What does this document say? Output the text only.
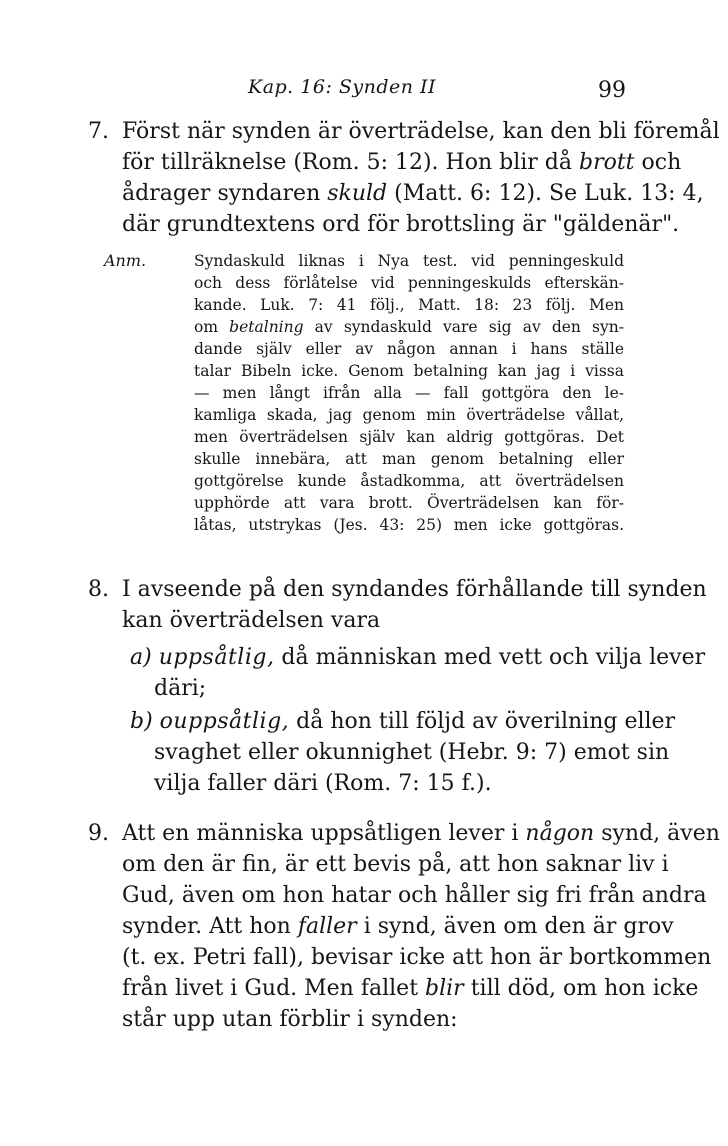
Kap. 16: Synden II	99
7. Först när synden är överträdelse, kan den bli föremål
för tillräknelse (Rom. 5: 12). Hon blir då brott och
ådrager syndaren skuld (Matt. 6: 12). Se Luk. 13: 4,
där grundtextens ord för brottsling är "gäldenär".
Anm.	Syndaskuld liknas i Nya test. vid penningeskuld
och dess förlåtelse vid penningeskulds efterskän-
kande. Luk. 7: 41 följ., Matt. 18: 23 följ. Men
om betalning av syndaskuld vare sig av den syn-
dande själv eller av någon annan i hans ställe
talar Bibeln icke. Genom betalning kan jag i vissa
— men långt ifrån alla — fall gottgöra den le-
kamliga skada, jag genom min överträdelse vållat,
men överträdelsen själv kan aldrig gottgöras. Det
skulle innebära, att man genom betalning eller
gottgörelse kunde åstadkomma, att överträdelsen
upphörde att vara brott. Överträdelsen kan för-
låtas, utstrykas (Jes. 43: 25) men icke gottgöras.
8. I avseende på den syndandes förhållande till synden
kan överträdelsen vara
a) uppsåtlig, då människan med vett och vilja lever
däri;
b) ouppsåtlig, då hon till följd av överilning eller
svaghet eller okunnighet (Hebr. 9: 7) emot sin
vilja faller däri (Rom. 7: 15 f.).
9. Att en människa uppsåtligen lever i någon synd, även
om den är fin, är ett bevis på, att hon saknar liv i
Gud, även om hon hatar och håller sig fri från andra
synder. Att hon faller i synd, även om den är grov
(t. ex. Petri fall), bevisar icke att hon är bortkommen
från livet i Gud. Men fallet blir till död, om hon icke
står upp utan förblir i synden:
